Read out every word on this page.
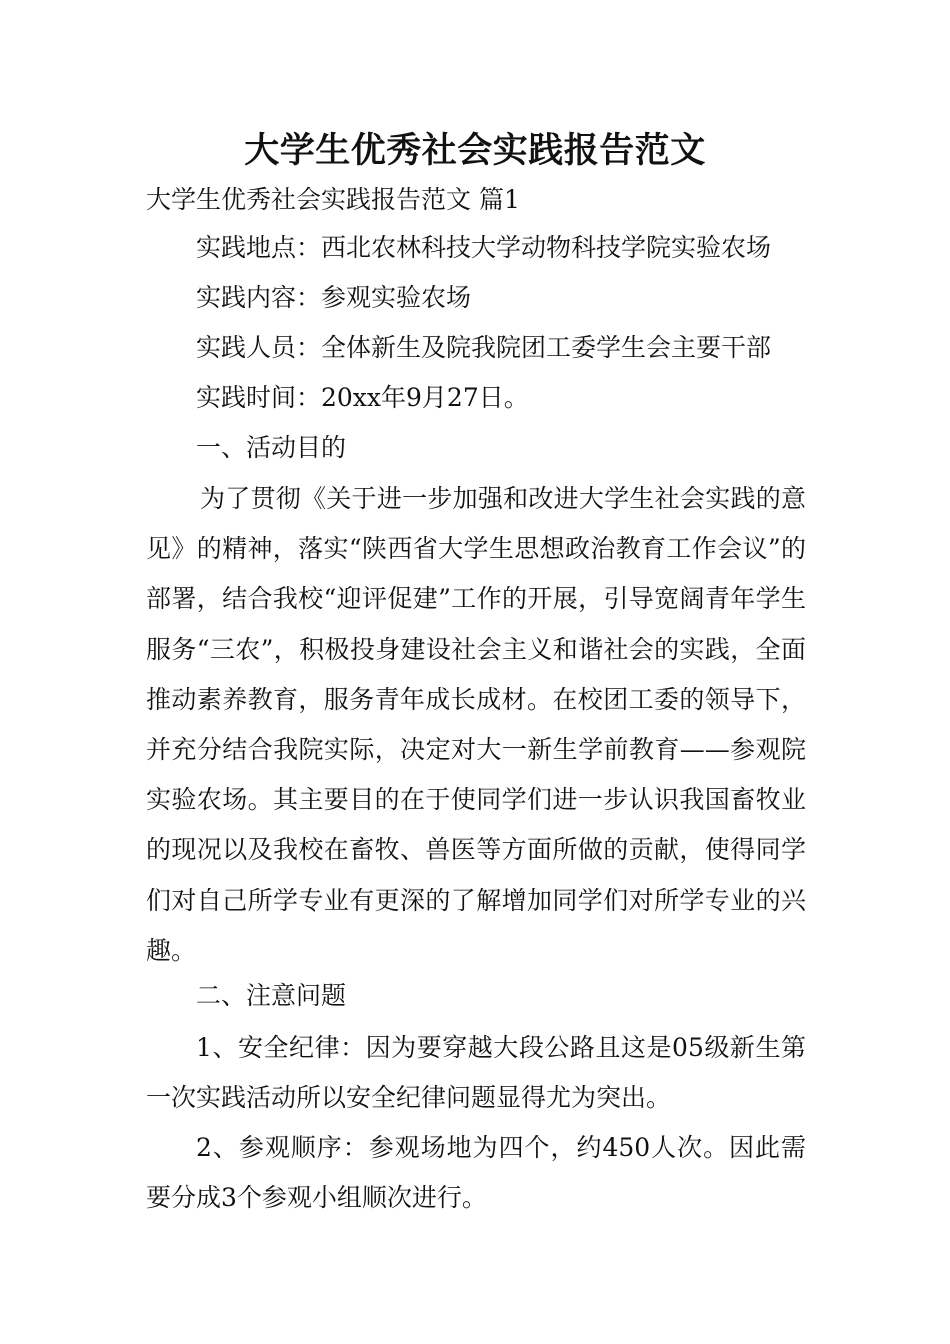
大学生优秀社会实践报告范文
大学生优秀社会实践报告范文 篇1
实践地点：西北农林科技大学动物科技学院实验农场
实践内容：参观实验农场
实践人员：全体新生及院我院团工委学生会主要干部
实践时间：20xx年9月27日。
一、活动目的

为了贯彻《关于进一步加强和改进大学生社会实践的意见》的精神，落实“陕西省大学生思想政治教育工作会议”的部署，结合我校“迎评促建”工作的开展，引导宽阔青年学生服务“三农”，积极投身建设社会主义和谐社会的实践，全面推动素养教育，服务青年成长成材。在校团工委的领导下，并充分结合我院实际，决定对大一新生学前教育——参观院实验农场。其主要目的在于使同学们进一步认识我国畜牧业的现况以及我校在畜牧、兽医等方面所做的贡献，使得同学们对自己所学专业有更深的了解增加同学们对所学专业的兴趣。

二、注意问题

1、安全纪律：因为要穿越大段公路且这是05级新生第一次实践活动所以安全纪律问题显得尤为突出。

2、参观顺序：参观场地为四个，约450人次。因此需要分成3个参观小组顺次进行。
